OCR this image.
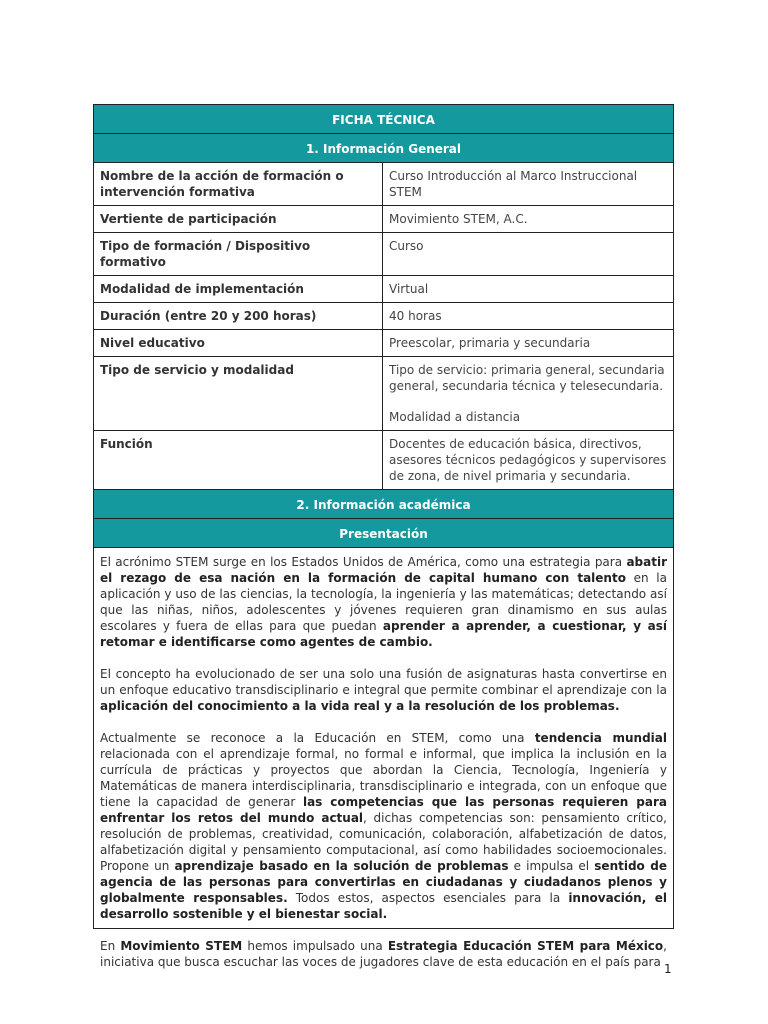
FICHA TÉCNICA	
1. Información General	
Nombre de la acción de formación o intervención formativa	Curso Introducción al Marco Instruccional STEM

Vertiente de participación	Movimiento STEM, A.C.

Tipo de formación / Dispositivo formativo	Curso

Modalidad de implementación	Virtual

Duración (entre 20 y 200 horas)	40 horas

Nivel educativo	Preescolar, primaria y secundaria

Tipo de servicio y modalidad	Tipo de servicio: primaria general, secundaria general, secundaria técnica y telesecundaria.

Modalidad a distancia

Función	Docentes de educación básica, directivos, asesores técnicos pedagógicos y supervisores de zona, de nivel primaria y secundaria.

2. Información académica	
Presentación	

El acrónimo STEM surge en los Estados Unidos de América, como una estrategia para abatir el rezago de esa nación en la formación de capital humano con talento en la aplicación y uso de las ciencias, la tecnología, la ingeniería y las matemáticas; detectando así que las niñas, niños, adolescentes y jóvenes requieren gran dinamismo en sus aulas escolares y fuera de ellas para que puedan aprender a aprender, a cuestionar, y así retomar e identificarse como agentes de cambio.

El concepto ha evolucionado de ser una solo una fusión de asignaturas hasta convertirse en un enfoque educativo transdisciplinario e integral que permite combinar el aprendizaje con la aplicación del conocimiento a la vida real y a la resolución de los problemas.

Actualmente se reconoce a la Educación en STEM, como una tendencia mundial relacionada con el aprendizaje formal, no formal e informal, que implica la inclusión en la currícula de prácticas y proyectos que abordan la Ciencia, Tecnología, Ingeniería y Matemáticas de manera interdisciplinaria, transdisciplinario e integrada, con un enfoque que tiene la capacidad de generar las competencias que las personas requieren para enfrentar los retos del mundo actual, dichas competencias son: pensamiento crítico, resolución de problemas, creatividad, comunicación, colaboración, alfabetización de datos, alfabetización digital y pensamiento computacional, así como habilidades socioemocionales. Propone un aprendizaje basado en la solución de problemas e impulsa el sentido de agencia de las personas para convertirlas en ciudadanas y ciudadanos plenos y globalmente responsables. Todos estos, aspectos esenciales para la innovación, el desarrollo sostenible y el bienestar social.

En Movimiento STEM hemos impulsado una Estrategia Educación STEM para México, iniciativa que busca escuchar las voces de jugadores clave de esta educación en el país para	1
